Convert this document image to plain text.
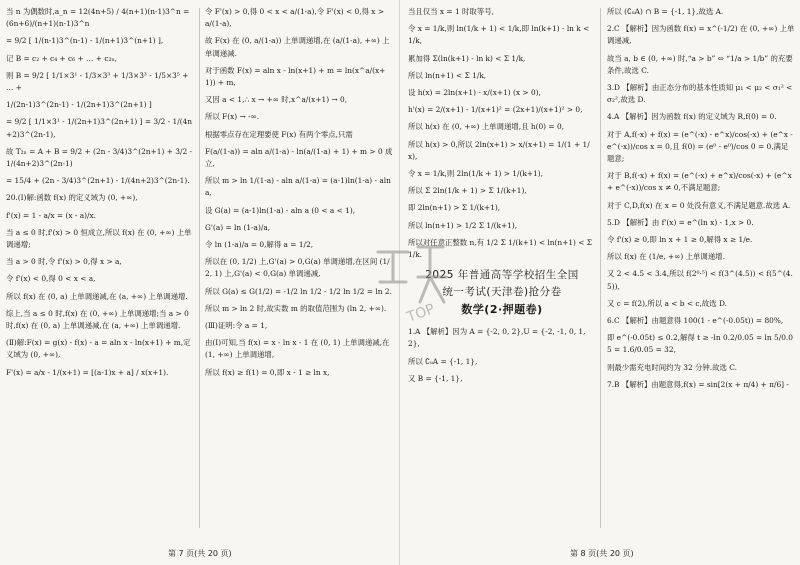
当 n 为偶数时,a_n = 12(4n+5) / 4(n+1)(n-1)3^n = (6n+6)/(n+1)(n-1)3^n

= 9/2 [ 1/(n-1)3^(n-1) - 1/(n+1)3^(n+1) ],

记 B = c₂ + c₄ + c₆ + … + c₂ₙ,

则 B = 9/2 [ 1/1×3¹ - 1/3×3³ + 1/3×3³ - 1/5×3⁵ + … +

1/(2n-1)3^(2n-1) - 1/(2n+1)3^(2n+1) ]

= 9/2 [ 1/1×3¹ - 1/(2n+1)3^(2n+1) ] = 3/2 - 1/(4n+2)3^(2n-1),

故 T₂ₙ = A + B = 9/2 + (2n - 3/4)3^(2n+1) + 3/2 - 1/(4n+2)3^(2n-1)

= 15/4 + (2n - 3/4)3^(2n+1) - 1/(4n+2)3^(2n-1).

20.(Ⅰ)解:函数 f(x) 的定义域为 (0, +∞),

f'(x) = 1 - a/x = (x - a)/x.

当 a ≤ 0 时,f'(x) > 0 恒成立,所以 f(x) 在 (0, +∞) 上单调递增;

当 a > 0 时,令 f'(x) > 0,得 x > a,

令 f'(x) < 0,得 0 < x < a,

所以 f(x) 在 (0, a) 上单调递减,在 (a, +∞) 上单调递增.

综上,当 a ≤ 0 时,f(x) 在 (0, +∞) 上单调递增;当 a > 0 时,f(x) 在 (0, a) 上单调递减,在 (a, +∞) 上单调递增.

(Ⅱ)解:F(x) = g(x) - f(x) - a = aln x - ln(x+1) + m,定义域为 (0, +∞),

F'(x) = a/x - 1/(x+1) = [(a-1)x + a] / x(x+1).

令 F'(x) > 0,得 0 < x < a/(1-a),令 F'(x) < 0,得 x > a/(1-a),

故 F(x) 在 (0, a/(1-a)) 上单调递增,在 (a/(1-a), +∞) 上单调递减.

对于函数 F(x) = aln x - ln(x+1) + m = ln(x^a/(x+1)) + m,

又因 a < 1,∴ x → +∞ 时,x^a/(x+1) → 0,

所以 F(x) → -∞.

根据零点存在定理要使 F(x) 有两个零点,只需

F(a/(1-a)) = aln a/(1-a) - ln(a/(1-a) + 1) + m > 0 成立,

所以 m > ln 1/(1-a) - aln a/(1-a) = (a-1)ln(1-a) - aln a,

设 G(a) = (a-1)ln(1-a) - aln a (0 < a < 1),

G'(a) = ln (1-a)/a,

令 ln (1-a)/a = 0,解得 a = 1/2,

所以在 (0, 1/2) 上,G'(a) > 0,G(a) 单调递增,在区间 (1/2, 1) 上,G'(a) < 0,G(a) 单调递减,

所以 G(a) ≤ G(1/2) = -1/2 ln 1/2 - 1/2 ln 1/2 = ln 2.

所以 m > ln 2 时,故实数 m 的取值范围为 (ln 2, +∞).

(Ⅲ)证明:令 a = 1,

由(Ⅰ)可知,当 f(x) = x - ln x - 1 在 (0, 1) 上单调递减,在 (1, +∞) 上单调递增,

所以 f(x) ≥ f(1) = 0,即 x - 1 ≥ ln x,

第 7 页(共 20 页)

当且仅当 x = 1 时取等号,

令 x = 1/k,则 ln(1/k + 1) < 1/k,即 ln(k+1) - ln k < 1/k,

累加得 Σ(ln(k+1) - ln k) < Σ 1/k,

所以 ln(n+1) < Σ 1/k,

设 h(x) = 2ln(x+1) - x/(x+1) (x > 0),

h'(x) = 2/(x+1) - 1/(x+1)² = (2x+1)/(x+1)² > 0,

所以 h(x) 在 (0, +∞) 上单调递增,且 h(0) = 0,

所以 h(x) > 0,所以 2ln(x+1) > x/(x+1) = 1/(1 + 1/x),

令 x = 1/k,则 2ln(1/k + 1) > 1/(k+1),

所以 Σ 2ln(1/k + 1) > Σ 1/(k+1),

即 2ln(n+1) > Σ 1/(k+1),

所以 ln(n+1) > 1/2 Σ 1/(k+1),

所以对任意正整数 n,有 1/2 Σ 1/(k+1) < ln(n+1) < Σ 1/k.

2025 年普通高等学校招生全国
统一考试(天津卷)抢分卷
数学(2·押题卷)

1.A 【解析】因为 A = {-2, 0, 2},U = {-2, -1, 0, 1, 2},

所以 ∁ᵤA = {-1, 1},

又 B = {-1, 1},

所以 (∁ᵤA) ∩ B = {-1, 1},故选 A.

2.C 【解析】因为函数 f(x) = x^(-1/2) 在 (0, +∞) 上单调递减,

故当 a, b ∈ (0, +∞) 时,“a > b” ⇔ “1/a > 1/b” 的充要条件,故选 C.

3.D 【解析】由正态分布的基本性质知 μ₁ < μ₂ < σ₁² < σ₂²,故选 D.

4.A 【解析】因为函数 f(x) 的定义域为 R,f(0) = 0.

对于 A,f(-x) + f(x) = (e^(-x) - e^x)/cos(-x) + (e^x - e^(-x))/cos x = 0,且 f(0) = (e⁰ - e⁰)/cos 0 = 0,满足题意;

对于 B,f(-x) + f(x) = (e^(-x) + e^x)/cos(-x) + (e^x + e^(-x))/cos x ≠ 0,不满足题意;

对于 C,D,f(x) 在 x = 0 处没有意义,不满足题意.故选 A.

5.D 【解析】由 f'(x) = e^(ln x) - 1,x > 0.

令 f'(x) ≥ 0,即 ln x + 1 ≥ 0,解得 x ≥ 1/e.

所以 f(x) 在 (1/e, +∞) 上单调递增.

又 2 < 4.5 < 3.4,所以 f(2⁰·⁵) < f(3^(4.5)) < f(5^(4.5)),

又 c = f(2),所以 a < b < c,故选 D.

6.C 【解析】由题意得 100(1 - e^(-0.05t)) = 80%,

即 e^(-0.05t) ≤ 0.2,解得 t ≥ -ln 0.2/0.05 = ln 5/0.05 = 1.6/0.05 = 32,

则最少需充电时间约为 32 分钟.故选 C.

7.B 【解析】由题意得,f(x) = sin[2(x + π/4) + π/6] -

第 8 页(共 20 页)
TOP
